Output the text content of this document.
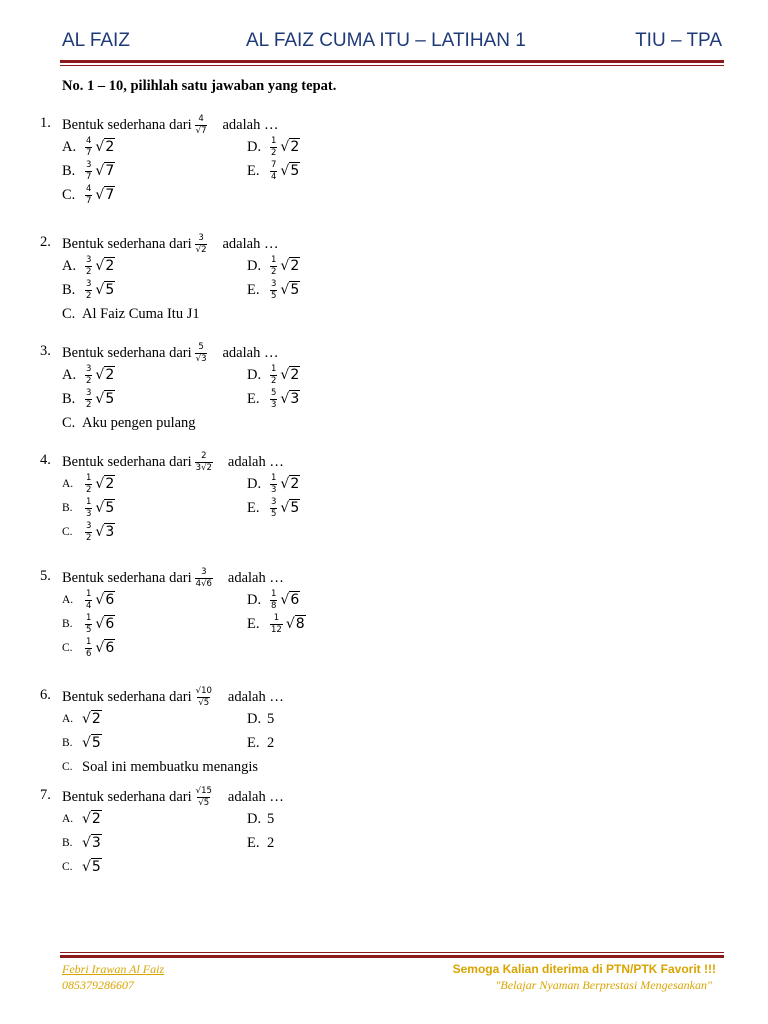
AL FAIZ	AL FAIZ CUMA ITU – LATIHAN 1	TIU – TPA
No. 1 – 10, pilihlah satu jawaban yang tepat.
1. Bentuk sederhana dari $\frac{4}{√7}$ adalah …
A.	$\frac{4}{7} √2$
B.	$\frac{3}{7} √7$
C.	$\frac{4}{7} √7$
D.	$\frac{1}{2} √2$
E.	$\frac{7}{4} √5$
2. Bentuk sederhana dari $\frac{3}{√2}$ adalah …
A.	$\frac{3}{2} √2$
B.	$\frac{3}{2} √5$
C. Al Faiz Cuma Itu J1
D.	$\frac{1}{2} √2$
E.	$\frac{3}{5} √5$
3. Bentuk sederhana dari $\frac{5}{√3}$ adalah …
A.	$\frac{3}{2} √2$
B.	$\frac{3}{2} √5$
C. Aku pengen pulang
D.	$\frac{1}{2} √2$
E.	$\frac{5}{3} √3$
4. Bentuk sederhana dari $\frac{2}{3√2}$ adalah …
A.	$\frac{1}{2} √2$
B.	$\frac{1}{3} √5$
C.	$\frac{3}{2} √3$
D.	$\frac{1}{3} √2$
E.	$\frac{3}{5} √5$
5. Bentuk sederhana dari $\frac{3}{4√6}$ adalah …
A.	$\frac{1}{4} √6$
B.	$\frac{1}{5} √6$
C.	$\frac{1}{6} √6$
D.	$\frac{1}{8} √6$
E.	$\frac{1}{12} √8$
6. Bentuk sederhana dari $\frac{√10}{√5}$ adalah …
A. √2
B. √5
C. Soal ini membuatku menangis
D. 5
E. 2
7. Bentuk sederhana dari $\frac{√15}{√5}$ adalah …
A. √2
B. √3
C. √5
D. 5
E. 2
Febri Irawan Al Faiz
085379286607
Semoga Kalian diterima di PTN/PTK Favorit !!!
"Belajar Nyaman Berprestasi Mengesankan"
